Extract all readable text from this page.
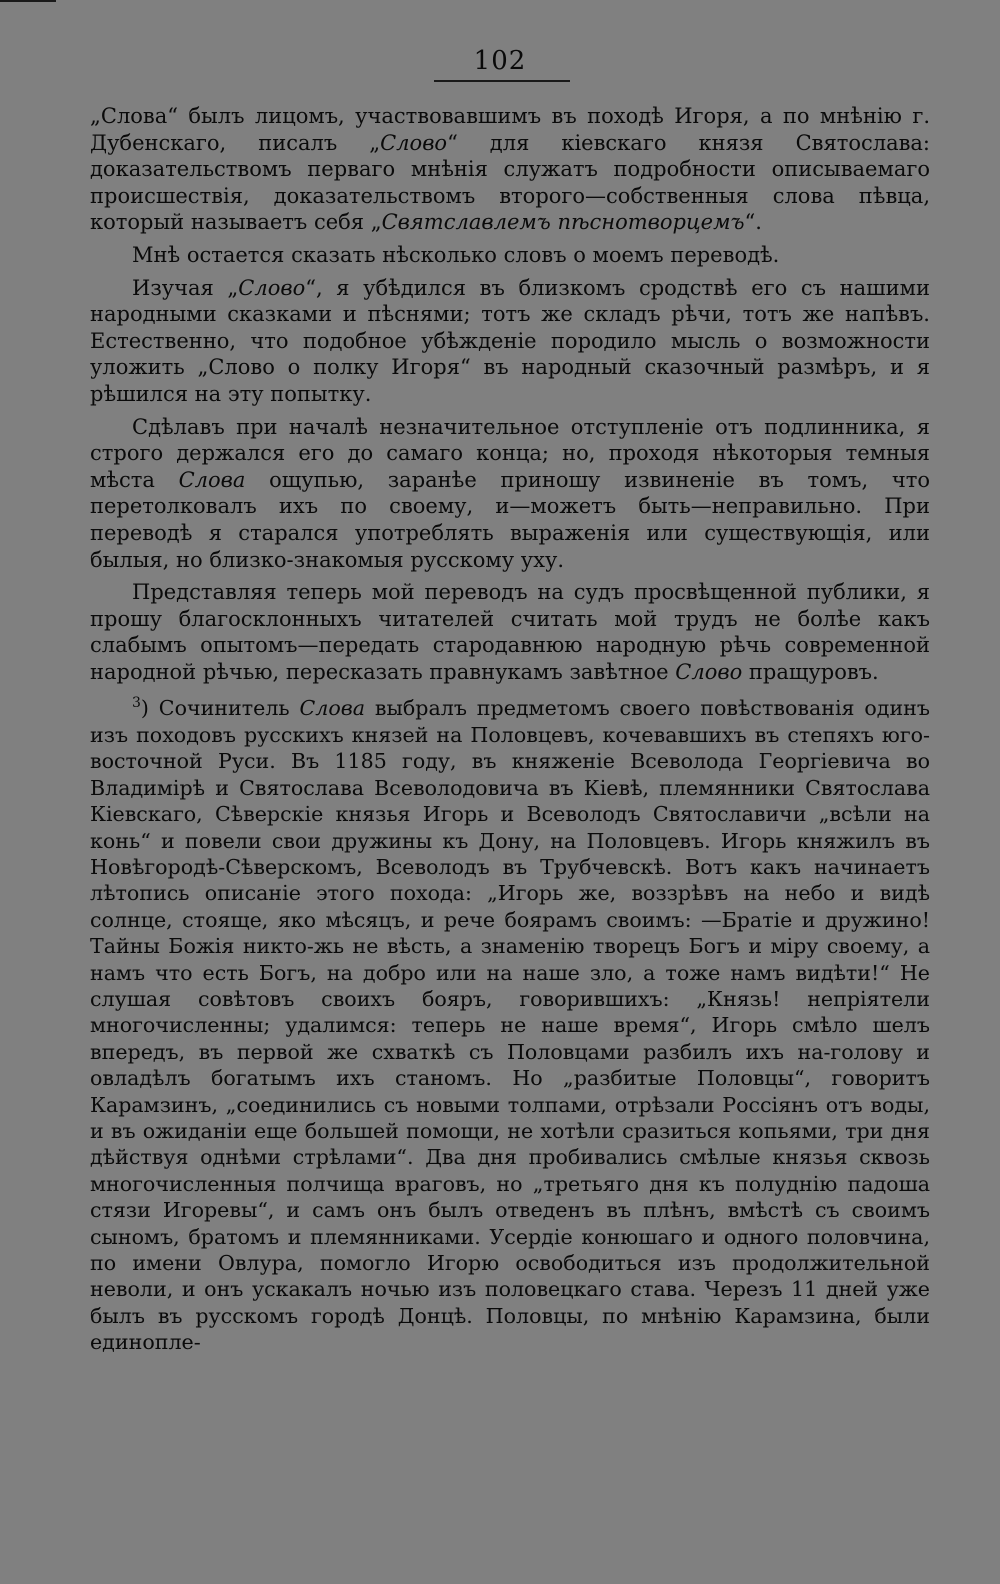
102

„Слова“ былъ лицомъ, участвовавшимъ въ походѣ Игоря, а по мнѣнію г. Дубенскаго, писалъ „Слово“ для кіевскаго князя Святослава: доказательствомъ перваго мнѣнія служатъ подробности описываемаго происшествія, доказательствомъ второго—собственныя слова пѣвца, который называетъ себя „Святславлемъ пѣснотворцемъ“.

Мнѣ остается сказать нѣсколько словъ о моемъ переводѣ.

Изучая „Слово“, я убѣдился въ близкомъ сродствѣ его съ нашими народными сказками и пѣснями; тотъ же складъ рѣчи, тотъ же напѣвъ. Естественно, что подобное убѣжденіе породило мысль о возможности уложить „Слово о полку Игоря“ въ народный сказочный размѣръ, и я рѣшился на эту попытку.

Сдѣлавъ при началѣ незначительное отступленіе отъ подлинника, я строго держался его до самаго конца; но, проходя нѣкоторыя темныя мѣста Слова ощупью, заранѣе приношу извиненіе въ томъ, что перетолковалъ ихъ по своему, и—можетъ быть—неправильно. При переводѣ я старался употреблять выраженія или существующія, или былыя, но близко-знакомыя русскому уху.

Представляя теперь мой переводъ на судъ просвѣщенной публики, я прошу благосклонныхъ читателей считать мой трудъ не болѣе какъ слабымъ опытомъ—передать стародавнюю народную рѣчь современной народной рѣчью, пересказать правнукамъ завѣтное Слово пращуровъ.

$^3$) Сочинитель Слова выбралъ предметомъ своего повѣствованія одинъ изъ походовъ русскихъ князей на Половцевъ, кочевавшихъ въ степяхъ юго-восточной Руси. Въ 1185 году, въ княженіе Всеволода Георгіевича во Владимірѣ и Святослава Всеволодовича въ Кіевѣ, племянники Святослава Кіевскаго, Сѣверскіе князья Игорь и Всеволодъ Святославичи „всѣли на конь“ и повели свои дружины къ Дону, на Половцевъ. Игорь княжилъ въ Новѣгородѣ-Сѣверскомъ, Всеволодъ въ Трубчевскѣ. Вотъ какъ начинаетъ лѣтопись описаніе этого похода: „Игорь же, воззрѣвъ на небо и видѣ солнце, стояще, яко мѣсяцъ, и рече боярамъ своимъ: —Братіе и дружино! Тайны Божія никто-жь не вѣсть, а знаменію творецъ Богъ и міру своему, а намъ что есть Богъ, на добро или на наше зло, а тоже намъ видѣти!“ Не слушая совѣтовъ своихъ бояръ, говорившихъ: „Князь! непріятели многочисленны; удалимся: теперь не наше время“, Игорь смѣло шелъ впередъ, въ первой же схваткѣ съ Половцами разбилъ ихъ на-голову и овладѣлъ богатымъ ихъ станомъ. Но „разбитые Половцы“, говоритъ Карамзинъ, „соединились съ новыми толпами, отрѣзали Россіянъ отъ воды, и въ ожиданіи еще большей помощи, не хотѣли сразиться копьями, три дня дѣйствуя однѣми стрѣлами“. Два дня пробивались смѣлые князья сквозь многочисленныя полчища враговъ, но „третьяго дня къ полуднію падоша стязи Игоревы“, и самъ онъ былъ отведенъ въ плѣнъ, вмѣстѣ съ своимъ сыномъ, братомъ и племянниками. Усердіе конюшаго и одного половчина, по имени Овлура, помогло Игорю освободиться изъ продолжительной неволи, и онъ ускакалъ ночью изъ половецкаго става. Черезъ 11 дней уже былъ въ русскомъ городѣ Донцѣ. Половцы, по мнѣнію Карамзина, были единопле-
